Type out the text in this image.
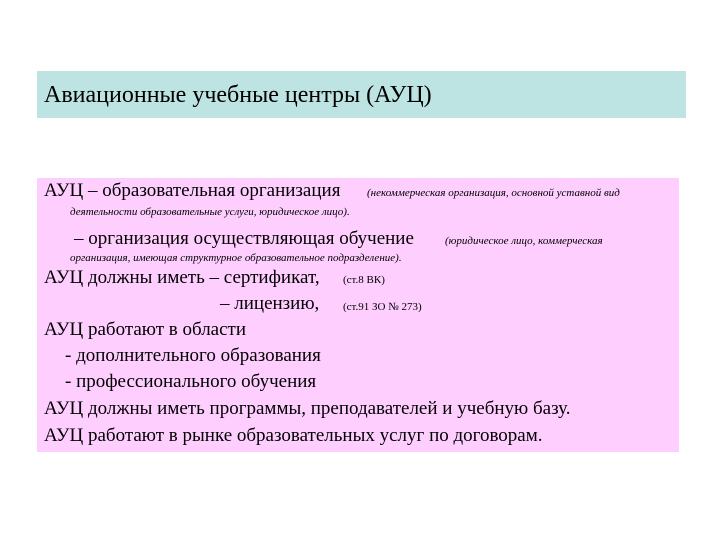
Авиационные учебные центры (АУЦ)
АУЦ – образовательная организация (некоммерческая организация, основной уставной вид
деятельности образовательные услуги, юридическое лицо).
– организация осуществляющая обучение	(юридическое лицо, коммерческая
организация, имеющая структурное образовательное подразделение).
АУЦ должны иметь – сертификат, (ст.8 ВК)
– лицензию, (ст.91 ЗО № 273)
АУЦ работают в области
- дополнительного образования
- профессионального обучения
АУЦ должны иметь программы, преподавателей и учебную базу.
АУЦ работают в рынке образовательных услуг по договорам.
